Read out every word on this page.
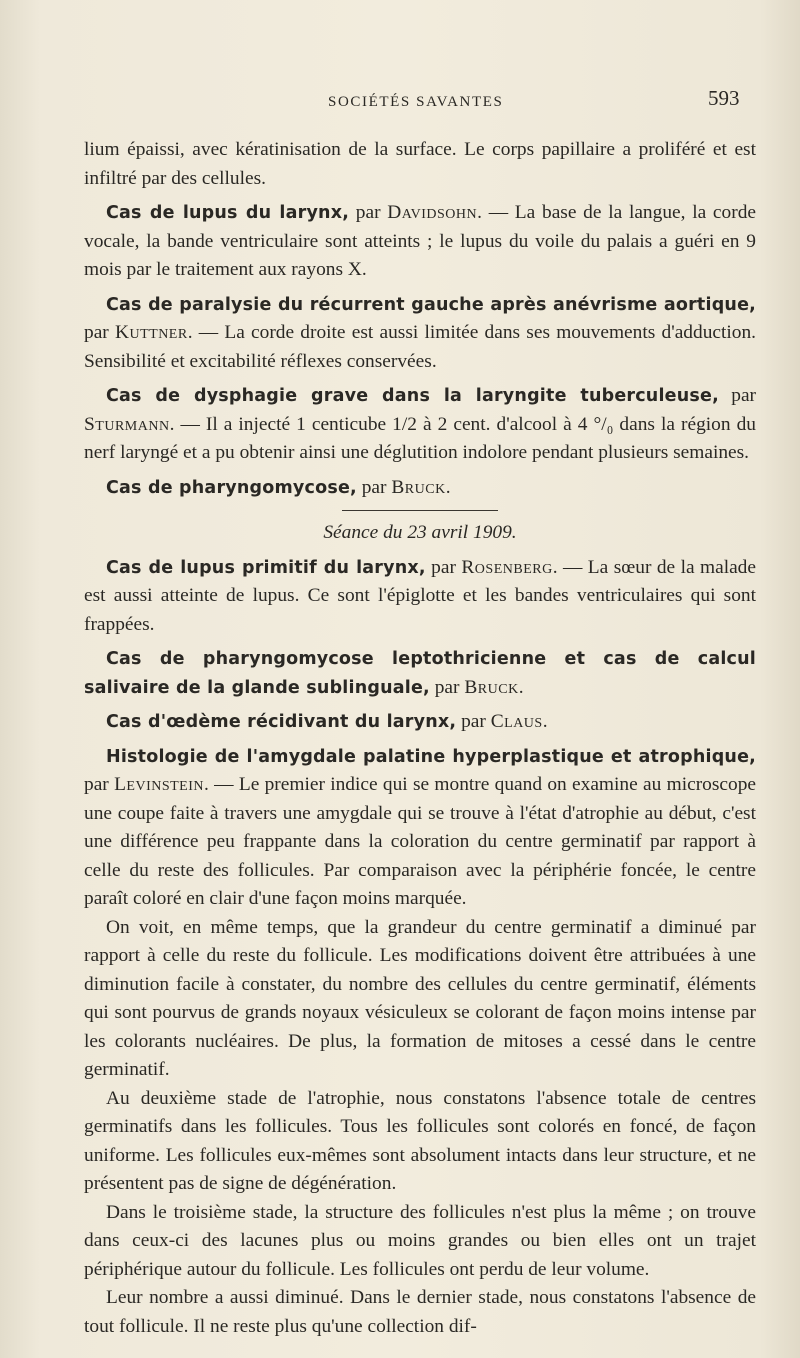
SOCIÉTÉS SAVANTES	593

lium épaissi, avec kératinisation de la surface. Le corps papillaire a proliféré et est infiltré par des cellules.

Cas de lupus du larynx, par Davidsohn. — La base de la langue, la corde vocale, la bande ventriculaire sont atteints ; le lupus du voile du palais a guéri en 9 mois par le traitement aux rayons X.

Cas de paralysie du récurrent gauche après anévrisme aortique, par Kuttner. — La corde droite est aussi limitée dans ses mouvements d'adduction. Sensibilité et excitabilité réflexes conservées.

Cas de dysphagie grave dans la laryngite tuberculeuse, par Sturmann. — Il a injecté 1 centicube 1/2 à 2 cent. d'alcool à 4 °/₀ dans la région du nerf laryngé et a pu obtenir ainsi une déglutition indolore pendant plusieurs semaines.

Cas de pharyngomycose, par Bruck.

Séance du 23 avril 1909.

Cas de lupus primitif du larynx, par Rosenberg. — La sœur de la malade est aussi atteinte de lupus. Ce sont l'épiglotte et les bandes ventriculaires qui sont frappées.

Cas de pharyngomycose leptothricienne et cas de calcul salivaire de la glande sublinguale, par Bruck.

Cas d'œdème récidivant du larynx, par Claus.

Histologie de l'amygdale palatine hyperplastique et atrophique, par Levinstein. — Le premier indice qui se montre quand on examine au microscope une coupe faite à travers une amygdale qui se trouve à l'état d'atrophie au début, c'est une différence peu frappante dans la coloration du centre germinatif par rapport à celle du reste des follicules. Par comparaison avec la périphérie foncée, le centre paraît coloré en clair d'une façon moins marquée.

On voit, en même temps, que la grandeur du centre germinatif a diminué par rapport à celle du reste du follicule. Les modifications doivent être attribuées à une diminution facile à constater, du nombre des cellules du centre germinatif, éléments qui sont pourvus de grands noyaux vésiculeux se colorant de façon moins intense par les colorants nucléaires. De plus, la formation de mitoses a cessé dans le centre germinatif.

Au deuxième stade de l'atrophie, nous constatons l'absence totale de centres germinatifs dans les follicules. Tous les follicules sont colorés en foncé, de façon uniforme. Les follicules eux-mêmes sont absolument intacts dans leur structure, et ne présentent pas de signe de dégénération.

Dans le troisième stade, la structure des follicules n'est plus la même ; on trouve dans ceux-ci des lacunes plus ou moins grandes ou bien elles ont un trajet périphérique autour du follicule. Les follicules ont perdu de leur volume.

Leur nombre a aussi diminué. Dans le dernier stade, nous constatons l'absence de tout follicule. Il ne reste plus qu'une collection dif-
